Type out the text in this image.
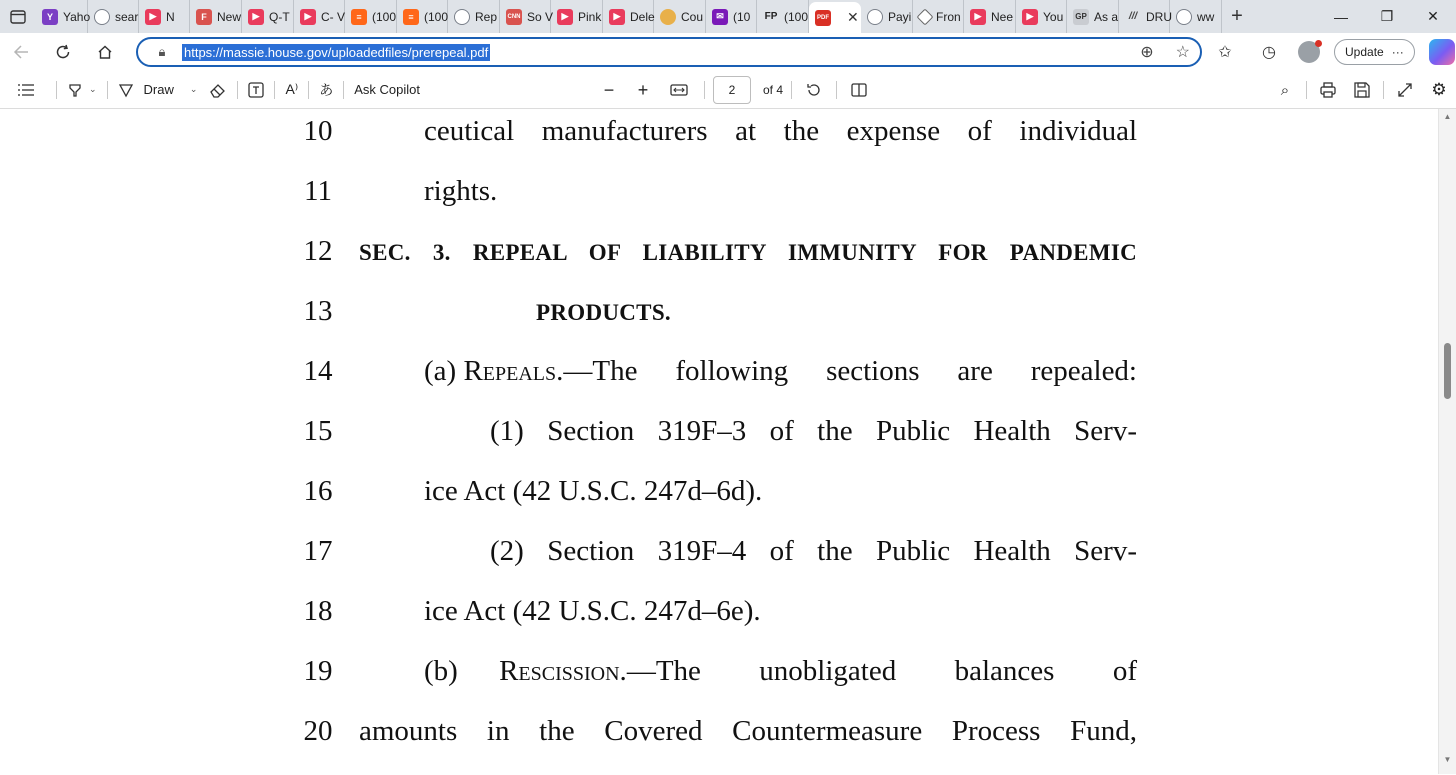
Y Yaho sear	▶ N	F New	▶ Q-T	▶ C- V	≡ (100	≡ (100 Rep CNN So V ▶ Pink	▶ Dele Cou	✉ (10 FP (100	PDF ✕ Payi Fron	▶ Nee	▶ You GP As a	/// DRU ww +	—	❐	✕
🔒︎	https://massie.house.gov/uploadedfiles/prerepeal.pdf	⊕ ☆	✩	◷	Update ···
⌄	Draw ⌄	A⁾ あ Ask Copilot	− +	2	of 4	⌕	⚙
10	ceutical manufacturers at the expense of individual
11	rights.
12	SEC. 3. REPEAL OF LIABILITY IMMUNITY FOR PANDEMIC
13	PRODUCTS.
14	(a) Repeals. —The following sections are repealed:
15	(1) Section 319F–3 of the Public Health Serv-
16	ice Act (42 U.S.C. 247d–6d).
17	(2) Section 319F–4 of the Public Health Serv-
18	ice Act (42 U.S.C. 247d–6e).
19	(b)	Rescission. —The unobligated balances of
20 amounts in the Covered Countermeasure Process Fund,
▲
▼
